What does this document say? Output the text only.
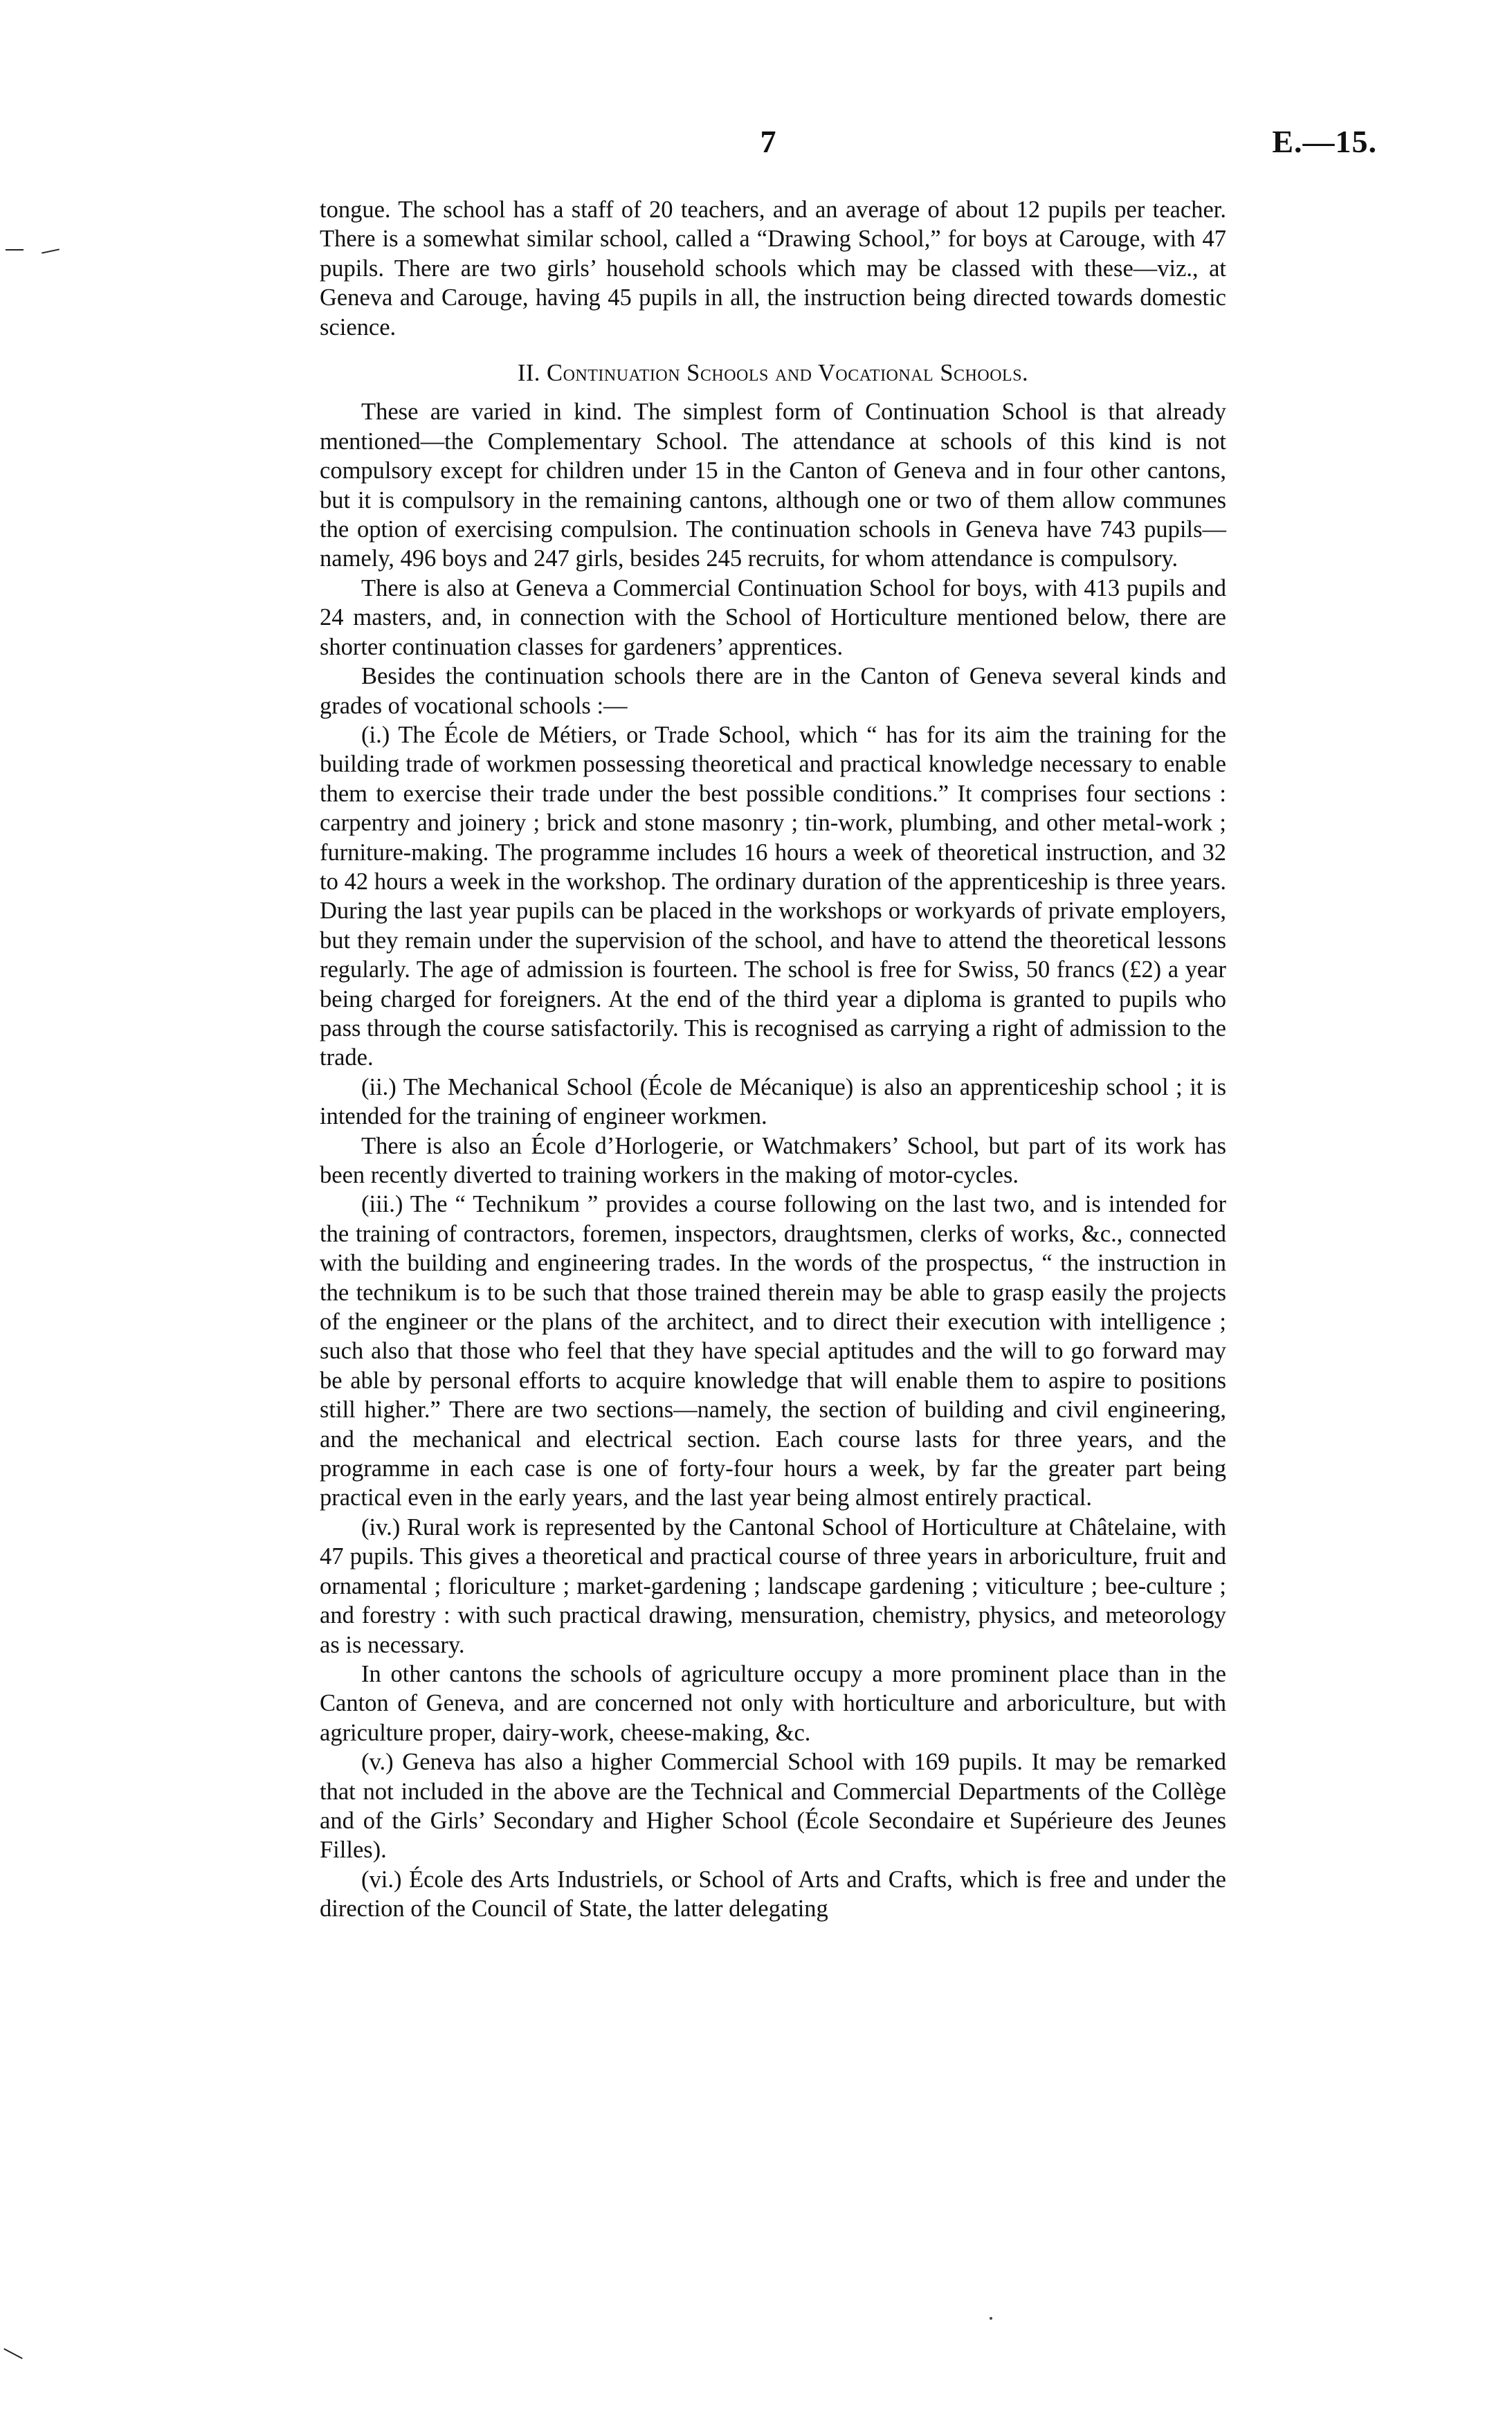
7	E.—15.

tongue. The school has a staff of 20 teachers, and an average of about 12 pupils per teacher. There is a somewhat similar school, called a “Drawing School,” for boys at Carouge, with 47 pupils. There are two girls’ household schools which may be classed with these—viz., at Geneva and Carouge, having 45 pupils in all, the instruction being directed towards domestic science.

II. Continuation Schools and Vocational Schools.

These are varied in kind. The simplest form of Continuation School is that already mentioned—the Complementary School. The attendance at schools of this kind is not compulsory except for children under 15 in the Canton of Geneva and in four other cantons, but it is compulsory in the remaining cantons, although one or two of them allow communes the option of exercising compulsion. The continuation schools in Geneva have 743 pupils—namely, 496 boys and 247 girls, besides 245 recruits, for whom attendance is compulsory.

There is also at Geneva a Commercial Continuation School for boys, with 413 pupils and 24 masters, and, in connection with the School of Horticulture mentioned below, there are shorter continuation classes for gardeners’ apprentices.

Besides the continuation schools there are in the Canton of Geneva several kinds and grades of vocational schools :—

(i.) The École de Métiers, or Trade School, which “ has for its aim the training for the building trade of workmen possessing theoretical and practical knowledge necessary to enable them to exercise their trade under the best possible conditions.” It comprises four sections : carpentry and joinery ; brick and stone masonry ; tin-work, plumbing, and other metal-work ; furniture-making. The programme includes 16 hours a week of theoretical instruction, and 32 to 42 hours a week in the workshop. The ordinary duration of the apprenticeship is three years. During the last year pupils can be placed in the workshops or workyards of private employers, but they remain under the supervision of the school, and have to attend the theoretical lessons regularly. The age of admission is fourteen. The school is free for Swiss, 50 francs (£2) a year being charged for foreigners. At the end of the third year a diploma is granted to pupils who pass through the course satisfactorily. This is recognised as carrying a right of admission to the trade.

(ii.) The Mechanical School (École de Mécanique) is also an apprenticeship school ; it is intended for the training of engineer workmen.

There is also an École d’Horlogerie, or Watchmakers’ School, but part of its work has been recently diverted to training workers in the making of motor-cycles.

(iii.) The “ Technikum ” provides a course following on the last two, and is intended for the training of contractors, foremen, inspectors, draughtsmen, clerks of works, &c., connected with the building and engineering trades. In the words of the prospectus, “ the instruction in the technikum is to be such that those trained therein may be able to grasp easily the projects of the engineer or the plans of the architect, and to direct their execution with intelligence ; such also that those who feel that they have special aptitudes and the will to go forward may be able by personal efforts to acquire knowledge that will enable them to aspire to positions still higher.” There are two sections—namely, the section of building and civil engineering, and the mechanical and electrical section. Each course lasts for three years, and the programme in each case is one of forty-four hours a week, by far the greater part being practical even in the early years, and the last year being almost entirely practical.

(iv.) Rural work is represented by the Cantonal School of Horticulture at Châtelaine, with 47 pupils. This gives a theoretical and practical course of three years in arboriculture, fruit and ornamental ; floriculture ; market-gardening ; landscape gardening ; viticulture ; bee-culture ; and forestry : with such practical drawing, mensuration, chemistry, physics, and meteorology as is necessary.

In other cantons the schools of agriculture occupy a more prominent place than in the Canton of Geneva, and are concerned not only with horticulture and arboriculture, but with agriculture proper, dairy-work, cheese-making, &c.

(v.) Geneva has also a higher Commercial School with 169 pupils. It may be remarked that not included in the above are the Technical and Commercial Departments of the Collège and of the Girls’ Secondary and Higher School (École Secondaire et Supérieure des Jeunes Filles).

(vi.) École des Arts Industriels, or School of Arts and Crafts, which is free and under the direction of the Council of State, the latter delegating
